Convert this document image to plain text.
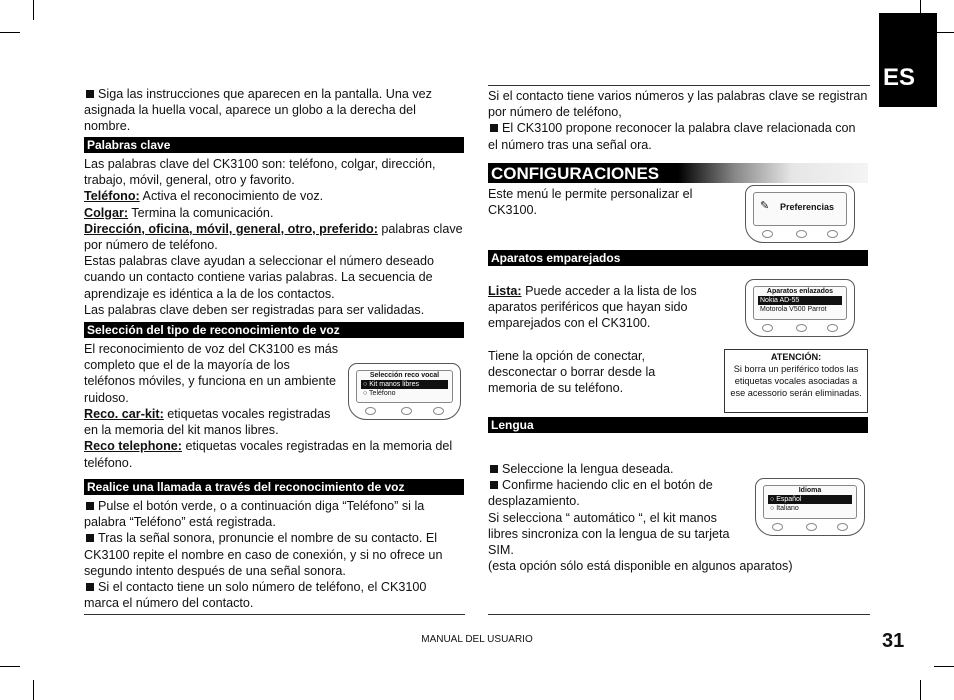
ES

Siga las instrucciones que aparecen en la pantalla. Una vez asignada la huella vocal, aparece un globo a la derecha del nombre.

Palabras clave

Las palabras clave del CK3100 son: teléfono, colgar, dirección, trabajo, móvil, general, otro y favorito.

Teléfono: Activa el reconocimiento de voz.

Colgar: Termina la comunicación.

Dirección, oficina, móvil, general, otro, preferido: palabras clave por número de teléfono.

Estas palabras clave ayudan a seleccionar el número deseado cuando un contacto contiene varias palabras. La secuencia de aprendizaje es idéntica a la de los contactos.

Las palabras clave deben ser registradas para ser validadas.

Selección del tipo de reconocimiento de voz
El reconocimiento de voz del CK3100 es más completo que el de la mayoría de los teléfonos móviles, y funciona en un ambiente ruidoso.
Selección reco vocal
○ Kit manos libres
○ Teléfono

Reco. car-kit: etiquetas vocales registradas en la memoria del kit manos libres.

Reco telephone: etiquetas vocales registradas en la memoria del teléfono.

Realice una llamada a través del reconocimiento de voz

Pulse el botón verde, o a continuación diga “Teléfono” si la palabra “Teléfono” está registrada.

Tras la señal sonora, pronuncie el nombre de su contacto. El CK3100 repite el nombre en caso de conexión, y si no ofrece un segundo intento después de una señal sonora.

Si el contacto tiene un solo número de teléfono, el CK3100 marca el número del contacto.

Si el contacto tiene varios números y las palabras clave se registran por número de teléfono,

El CK3100 propone reconocer la palabra clave relacionada con el número tras una señal ora.

CONFIGURACIONES
Este menú le permite personalizar el CK3100.	✎ Preferencias
Aparatos emparejados

Lista: Puede acceder a la lista de los aparatos periféricos que hayan sido emparejados con el CK3100.

Aparatos enlazados
Nokia AD-55
Motorola V500 Parrot
Tiene la opción de conectar, desconectar o borrar desde la memoria de su teléfono.
ATENCIÓN:
Si borra un periférico todos las etiquetas vocales asociadas a ese acessorio serán eliminadas.
Lengua

Seleccione la lengua deseada.

Confirme haciendo clic en el botón de desplazamiento.

Si selecciona “ automático “, el kit manos libres sincroniza con la lengua de su tarjeta SIM.

(esta opción sólo está disponible en algunos aparatos)

Idioma
○ Español
○ Italiano
MANUAL DEL USUARIO	31
